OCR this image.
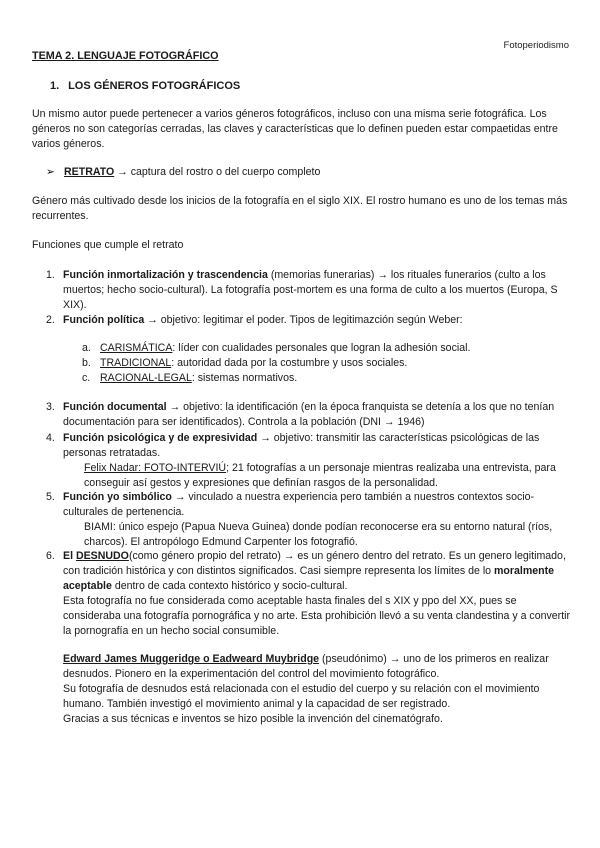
Fotoperiodismo
TEMA 2. LENGUAJE FOTOGRÁFICO
1. LOS GÉNEROS FOTOGRÁFICOS
Un mismo autor puede pertenecer a varios géneros fotográficos, incluso con una misma serie fotográfica. Los géneros no son categorías cerradas, las claves y características que lo definen pueden estar compaetidas entre varios géneros.
➢ RETRATO → captura del rostro o del cuerpo completo
Género más cultivado desde los inicios de la fotografía en el siglo XIX. El rostro humano es uno de los temas más recurrentes.
Funciones que cumple el retrato
1. Función inmortalización y trascendencia (memorias funerarias) → los rituales funerarios (culto a los muertos; hecho socio-cultural). La fotografía post-mortem es una forma de culto a los muertos (Europa, S XIX).
2. Función política → objetivo: legitimar el poder. Tipos de legitimazción según Weber:
a. CARISMÁTICA: líder con cualidades personales que logran la adhesión social.
b. TRADICIONAL: autoridad dada por la costumbre y usos sociales.
c. RACIONAL-LEGAL: sistemas normativos.
3. Función documental → objetivo: la identificación (en la época franquista se detenía a los que no tenían documentación para ser identificados). Controla a la población (DNI → 1946)
4. Función psicológica y de expresividad → objetivo: transmitir las características psicológicas de las personas retratadas.
Felix Nadar: FOTO-INTERVIÚ; 21 fotografías a un personaje mientras realizaba una entrevista, para conseguir así gestos y expresiones que definían rasgos de la personalidad.
5. Función yo simbólico → vinculado a nuestra experiencia pero también a nuestros contextos socio-culturales de pertenencia.
BIAMI: único espejo (Papua Nueva Guinea) donde podían reconocerse era su entorno natural (ríos, charcos). El antropólogo Edmund Carpenter los fotografió.
6. El DESNUDO(como género propio del retrato) → es un género dentro del retrato. Es un genero legitimado, con tradición histórica y con distintos significados. Casi siempre representa los límites de lo moralmente aceptable dentro de cada contexto histórico y socio-cultural.
Esta fotografía no fue considerada como aceptable hasta finales del s XIX y ppo del XX, pues se consideraba una fotografía pornográfica y no arte. Esta prohibición llevó a su venta clandestina y a convertir la pornografía en un hecho social consumible.
Edward James Muggeridge o Eadweard Muybridge (pseudónimo) → uno de los primeros en realizar desnudos. Pionero en la experimentación del control del movimiento fotográfico.
Su fotografía de desnudos está relacionada con el estudio del cuerpo y su relación con el movimiento humano. También investigó el movimiento animal y la capacidad de ser registrado.
Gracias a sus técnicas e inventos se hizo posible la invención del cinematógrafo.
